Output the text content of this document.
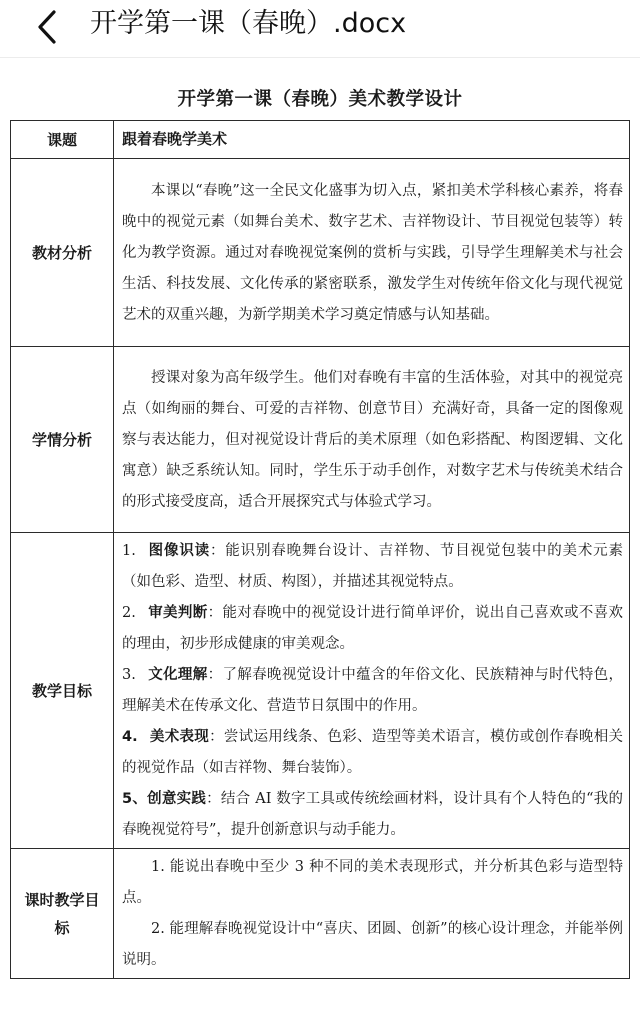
开学第一课（春晚）.docx
开学第一课（春晚）美术教学设计
课题	跟着春晚学美术
教材分析	本课以“春晚”这一全民文化盛事为切入点，紧扣美术学科核心素养，将春晚中的视觉元素（如舞台美术、数字艺术、吉祥物设计、节目视觉包装等）转化为教学资源。通过对春晚视觉案例的赏析与实践，引导学生理解美术与社会生活、科技发展、文化传承的紧密联系，激发学生对传统年俗文化与现代视觉艺术的双重兴趣，为新学期美术学习奠定情感与认知基础。

学情分析	授课对象为高年级学生。他们对春晚有丰富的生活体验，对其中的视觉亮点（如绚丽的舞台、可爱的吉祥物、创意节目）充满好奇，具备一定的图像观察与表达能力，但对视觉设计背后的美术原理（如色彩搭配、构图逻辑、文化寓意）缺乏系统认知。同时，学生乐于动手创作，对数字艺术与传统美术结合的形式接受度高，适合开展探究式与体验式学习。

教学目标	1. 图像识读：能识别春晚舞台设计、吉祥物、节目视觉包装中的美术元素（如色彩、造型、材质、构图），并描述其视觉特点。

2. 审美判断：能对春晚中的视觉设计进行简单评价，说出自己喜欢或不喜欢的理由，初步形成健康的审美观念。

3. 文化理解：了解春晚视觉设计中蕴含的年俗文化、民族精神与时代特色，理解美术在传承文化、营造节日氛围中的作用。

4. 美术表现：尝试运用线条、色彩、造型等美术语言，模仿或创作春晚相关的视觉作品（如吉祥物、舞台装饰）。

5、创意实践：结合 AI 数字工具或传统绘画材料，设计具有个人特色的“我的春晚视觉符号”，提升创新意识与动手能力。

课时教学目标	1. 能说出春晚中至少 3 种不同的美术表现形式，并分析其色彩与造型特点。

2. 能理解春晚视觉设计中“喜庆、团圆、创新”的核心设计理念，并能举例说明。
